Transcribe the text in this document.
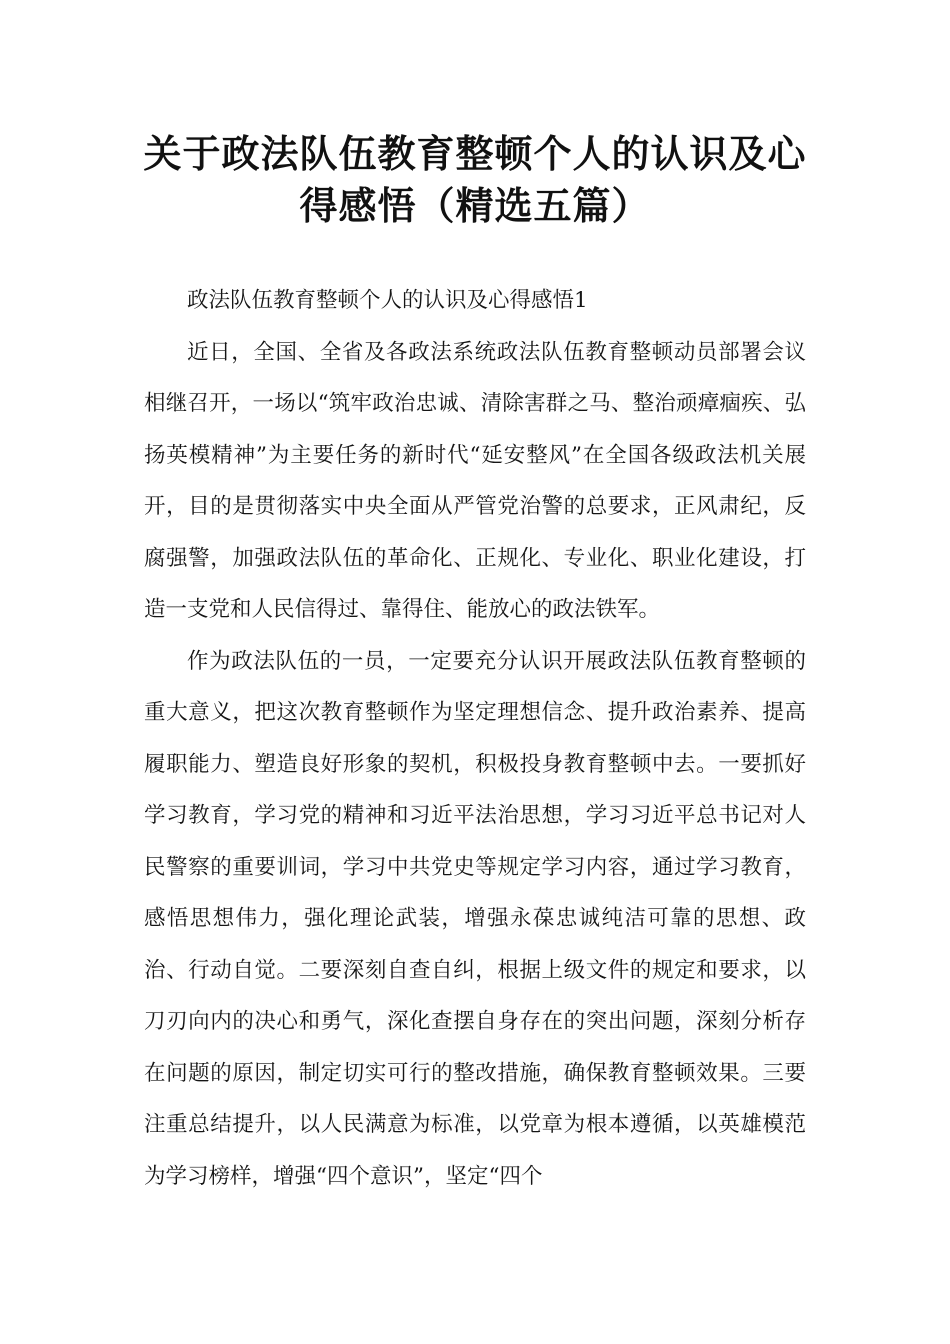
关于政法队伍教育整顿个人的认识及心
得感悟（精选五篇）

政法队伍教育整顿个人的认识及心得感悟1

近日，全国、全省及各政法系统政法队伍教育整顿动员部署会议相继召开，一场以“筑牢政治忠诚、清除害群之马、整治顽瘴痼疾、弘扬英模精神”为主要任务的新时代“延安整风”在全国各级政法机关展开，目的是贯彻落实中央全面从严管党治警的总要求，正风肃纪，反腐强警，加强政法队伍的革命化、正规化、专业化、职业化建设，打造一支党和人民信得过、靠得住、能放心的政法铁军。

作为政法队伍的一员，一定要充分认识开展政法队伍教育整顿的重大意义，把这次教育整顿作为坚定理想信念、提升政治素养、提高履职能力、塑造良好形象的契机，积极投身教育整顿中去。一要抓好学习教育，学习党的精神和习近平法治思想，学习习近平总书记对人民警察的重要训词，学习中共党史等规定学习内容，通过学习教育，感悟思想伟力，强化理论武装，增强永葆忠诚纯洁可靠的思想、政治、行动自觉。二要深刻自查自纠，根据上级文件的规定和要求，以刀刃向内的决心和勇气，深化查摆自身存在的突出问题，深刻分析存在问题的原因，制定切实可行的整改措施，确保教育整顿效果。三要注重总结提升，以人民满意为标准，以党章为根本遵循，以英雄模范为学习榜样，增强“四个意识”，坚定“四个
